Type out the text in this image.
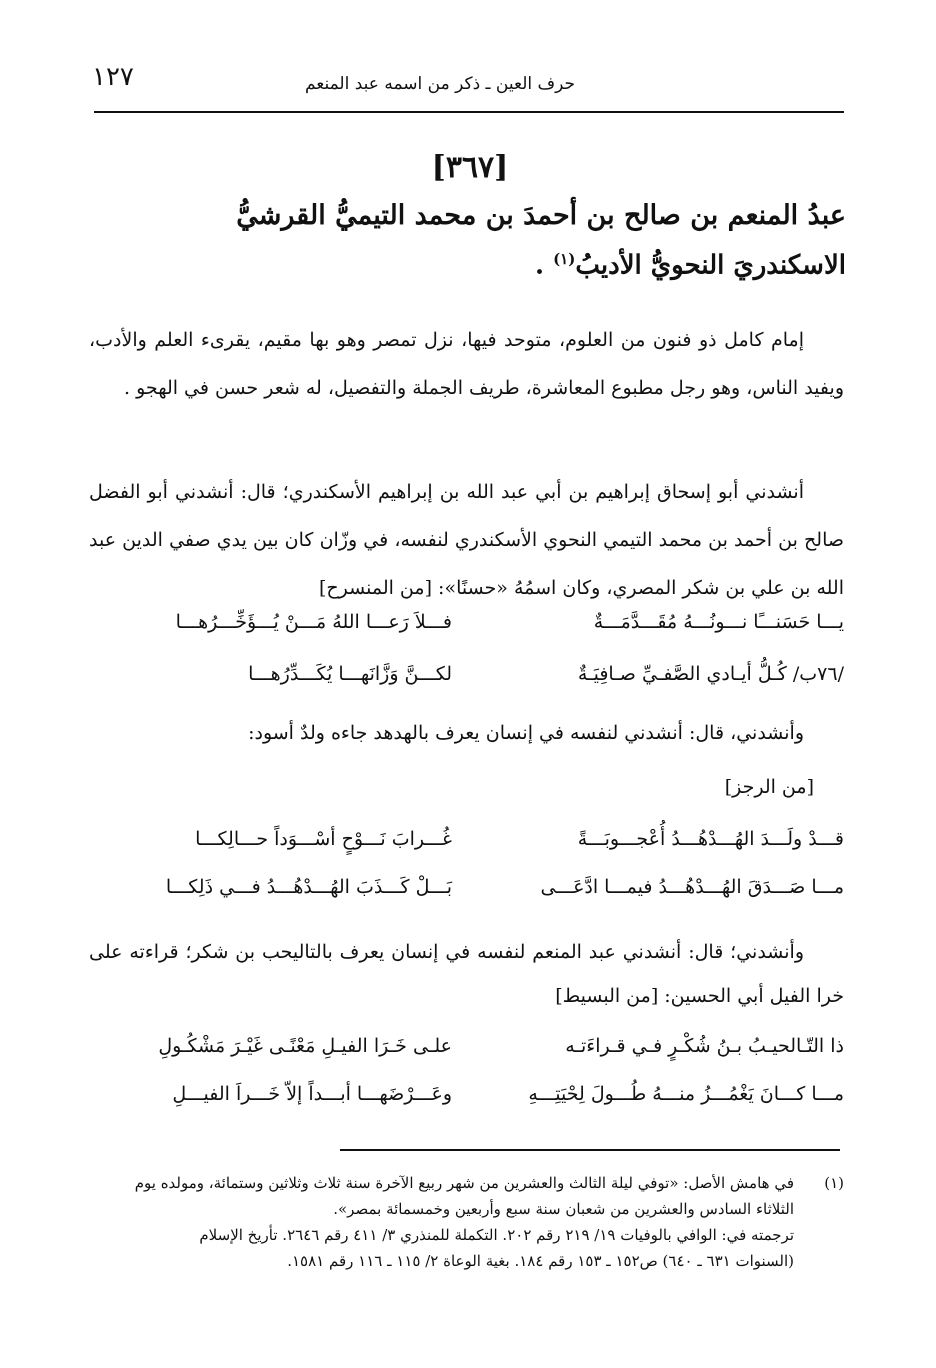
١٢٧	حرف العين ـ ذكر من اسمه عبد المنعم
[٣٦٧]
عبدُ المنعم بن صالح بن أحمدَ بن محمد التيميُّ القرشيُّ
الاسكندريَ النحويُّ الأديبُ$^{(١)}$ .
إمام كامل ذو فنون من العلوم، متوحد فيها، نزل تمصر وهو بها مقيم، يقرىء العلم والأدب، ويفيد الناس، وهو رجل مطبوع المعاشرة، طريف الجملة والتفصيل، له شعر حسن في الهجو .
أنشدني أبو إسحاق إبراهيم بن أبي عبد الله بن إبراهيم الأسكندري؛ قال: أنشدني أبو الفضل صالح بن أحمد بن محمد التيمي النحوي الأسكندري لنفسه، في وزّان كان بين يدي صفي الدين عبد الله بن علي بن شكر المصري، وكان اسمُهُ «حسنًا»: [من المنسرح]
يـــا حَسَنـــًا نـــونُـــهُ مُقَـــدَّمَـــةٌ
فـــلاَ رَعـــا اللهُ مَـــنْ يُـــؤَخِّـــرُهـــا
/٧٦ب/ كُـلُّ أيـادي الصَّفـيِّ صـافِيَـةٌ
لكـــنَّ وَزَّانَهـــا يُكَـــدِّرُهـــا
وأنشدني، قال: أنشدني لنفسه في إنسان يعرف بالهدهد جاءه ولدٌ أسود:
[من الرجز]
قـــدْ ولَـــدَ الهُـــدْهُـــدُ أُعْجـــوبَـــةً
غُـــرابَ نَـــوْحٍ أسْـــوَداً حـــالِكـــا
مـــا صَـــدَقَ الهُـــدْهُـــدُ فيمـــا ادَّعَـــى
بَـــلْ كَـــذَبَ الهُـــدْهُـــدُ فـــي ذَلِكـــا
وأنشدني؛ قال: أنشدني عبد المنعم لنفسه في إنسان يعرف بالتاليحب بن شكر؛ قراءته على خرا الفيل أبي الحسين: [من البسيط]
ذا التّـالحيـبُ بـنُ شُكْـرٍ فـي قـراءَتـه
علـى خَـرَا الفيـلِ مَعْنًـى غَيْـرَ مَشْكُـولِ
مـــا كـــانَ يَغْمُـــزُ منـــهُ طُـــولَ لِحْيَتِـــهِ
وعَـــرْضَهـــا أبـــداً إلاّ خَـــراَ الفيـــلِ
(١)في هامش الأصل: «توفي ليلة الثالث والعشرين من شهر ربيع الآخرة سنة ثلاث وثلاثين وستمائة، ومولده يوم
الثلاثاء السادس والعشرين من شعبان سنة سبع وأربعين وخمسمائة بمصر».
ترجمته في: الوافي بالوفيات ١٩/ ٢١٩ رقم ٢٠٢. التكملة للمنذري ٣/ ٤١١ رقم ٢٦٤٦. تأريخ الإسلام
(السنوات ٦٣١ ـ ٦٤٠) ص١٥٢ ـ ١٥٣ رقم ١٨٤. بغية الوعاة ٢/ ١١٥ ـ ١١٦ رقم ١٥٨١.
